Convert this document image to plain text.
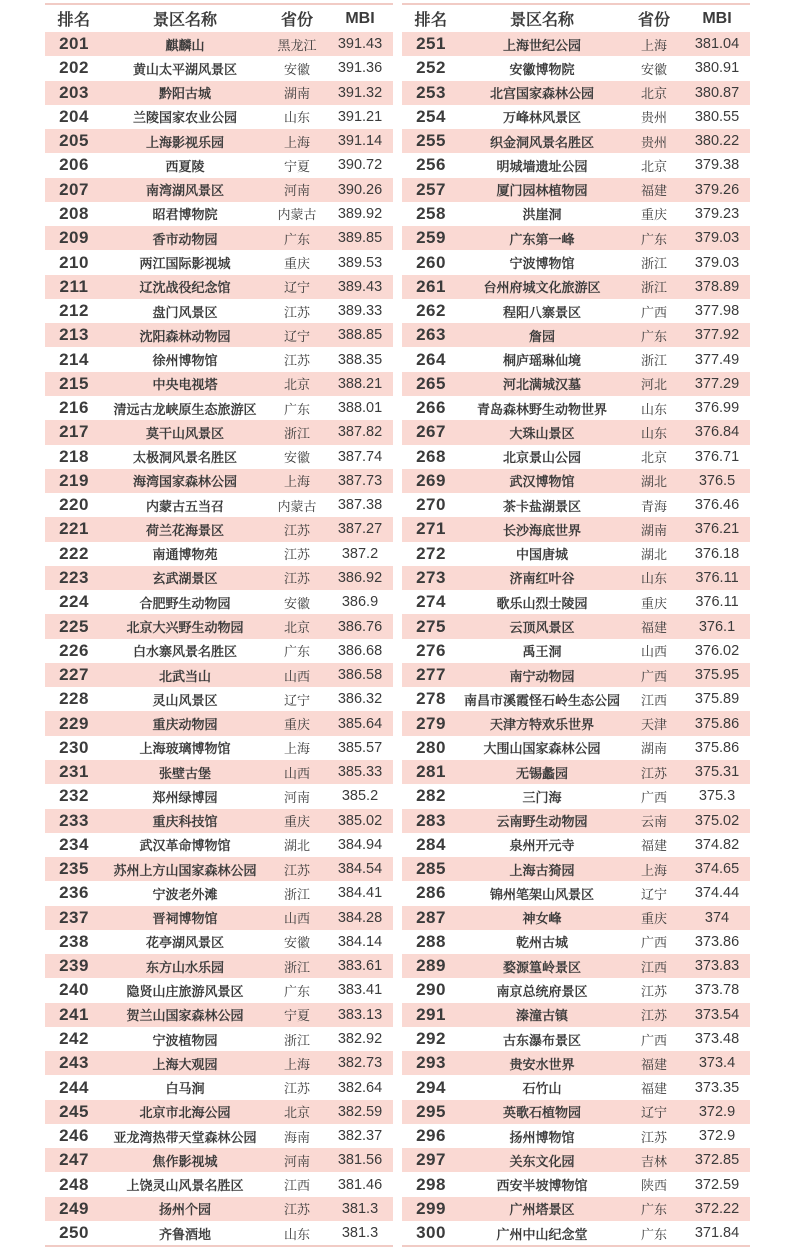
排名	景区名称	省份	MBI
201	麒麟山	黑龙江	391.43
202	黄山太平湖风景区	安徽	391.36
203	黔阳古城	湖南	391.32
204	兰陵国家农业公园	山东	391.21
205	上海影视乐园	上海	391.14
206	西夏陵	宁夏	390.72
207	南湾湖风景区	河南	390.26
208	昭君博物院	内蒙古	389.92
209	香市动物园	广东	389.85
210	两江国际影视城	重庆	389.53
211	辽沈战役纪念馆	辽宁	389.43
212	盘门风景区	江苏	389.33
213	沈阳森林动物园	辽宁	388.85
214	徐州博物馆	江苏	388.35
215	中央电视塔	北京	388.21
216	清远古龙峡原生态旅游区	广东	388.01
217	莫干山风景区	浙江	387.82
218	太极洞风景名胜区	安徽	387.74
219	海湾国家森林公园	上海	387.73
220	内蒙古五当召	内蒙古	387.38
221	荷兰花海景区	江苏	387.27
222	南通博物苑	江苏	387.2
223	玄武湖景区	江苏	386.92
224	合肥野生动物园	安徽	386.9
225	北京大兴野生动物园	北京	386.76
226	白水寨风景名胜区	广东	386.68
227	北武当山	山西	386.58
228	灵山风景区	辽宁	386.32
229	重庆动物园	重庆	385.64
230	上海玻璃博物馆	上海	385.57
231	张壁古堡	山西	385.33
232	郑州绿博园	河南	385.2
233	重庆科技馆	重庆	385.02
234	武汉革命博物馆	湖北	384.94
235	苏州上方山国家森林公园	江苏	384.54
236	宁波老外滩	浙江	384.41
237	晋祠博物馆	山西	384.28
238	花亭湖风景区	安徽	384.14
239	东方山水乐园	浙江	383.61
240	隐贤山庄旅游风景区	广东	383.41
241	贺兰山国家森林公园	宁夏	383.13
242	宁波植物园	浙江	382.92
243	上海大观园	上海	382.73
244	白马涧	江苏	382.64
245	北京市北海公园	北京	382.59
246	亚龙湾热带天堂森林公园	海南	382.37
247	焦作影视城	河南	381.56
248	上饶灵山风景名胜区	江西	381.46
249	扬州个园	江苏	381.3
250	齐鲁酒地	山东	381.3
排名	景区名称	省份	MBI
251	上海世纪公园	上海	381.04
252	安徽博物院	安徽	380.91
253	北宫国家森林公园	北京	380.87
254	万峰林风景区	贵州	380.55
255	织金洞风景名胜区	贵州	380.22
256	明城墙遗址公园	北京	379.38
257	厦门园林植物园	福建	379.26
258	洪崖洞	重庆	379.23
259	广东第一峰	广东	379.03
260	宁波博物馆	浙江	379.03
261	台州府城文化旅游区	浙江	378.89
262	程阳八寨景区	广西	377.98
263	詹园	广东	377.92
264	桐庐瑶琳仙境	浙江	377.49
265	河北满城汉墓	河北	377.29
266	青岛森林野生动物世界	山东	376.99
267	大珠山景区	山东	376.84
268	北京景山公园	北京	376.71
269	武汉博物馆	湖北	376.5
270	茶卡盐湖景区	青海	376.46
271	长沙海底世界	湖南	376.21
272	中国唐城	湖北	376.18
273	济南红叶谷	山东	376.11
274	歌乐山烈士陵园	重庆	376.11
275	云顶风景区	福建	376.1
276	禹王洞	山西	376.02
277	南宁动物园	广西	375.95
278	南昌市溪霞怪石岭生态公园	江西	375.89
279	天津方特欢乐世界	天津	375.86
280	大围山国家森林公园	湖南	375.86
281	无锡蠡园	江苏	375.31
282	三门海	广西	375.3
283	云南野生动物园	云南	375.02
284	泉州开元寺	福建	374.82
285	上海古猗园	上海	374.65
286	锦州笔架山风景区	辽宁	374.44
287	神女峰	重庆	374
288	乾州古城	广西	373.86
289	婺源篁岭景区	江西	373.83
290	南京总统府景区	江苏	373.78
291	溱潼古镇	江苏	373.54
292	古东瀑布景区	广西	373.48
293	贵安水世界	福建	373.4
294	石竹山	福建	373.35
295	英歌石植物园	辽宁	372.9
296	扬州博物馆	江苏	372.9
297	关东文化园	吉林	372.85
298	西安半坡博物馆	陕西	372.59
299	广州塔景区	广东	372.22
300	广州中山纪念堂	广东	371.84
